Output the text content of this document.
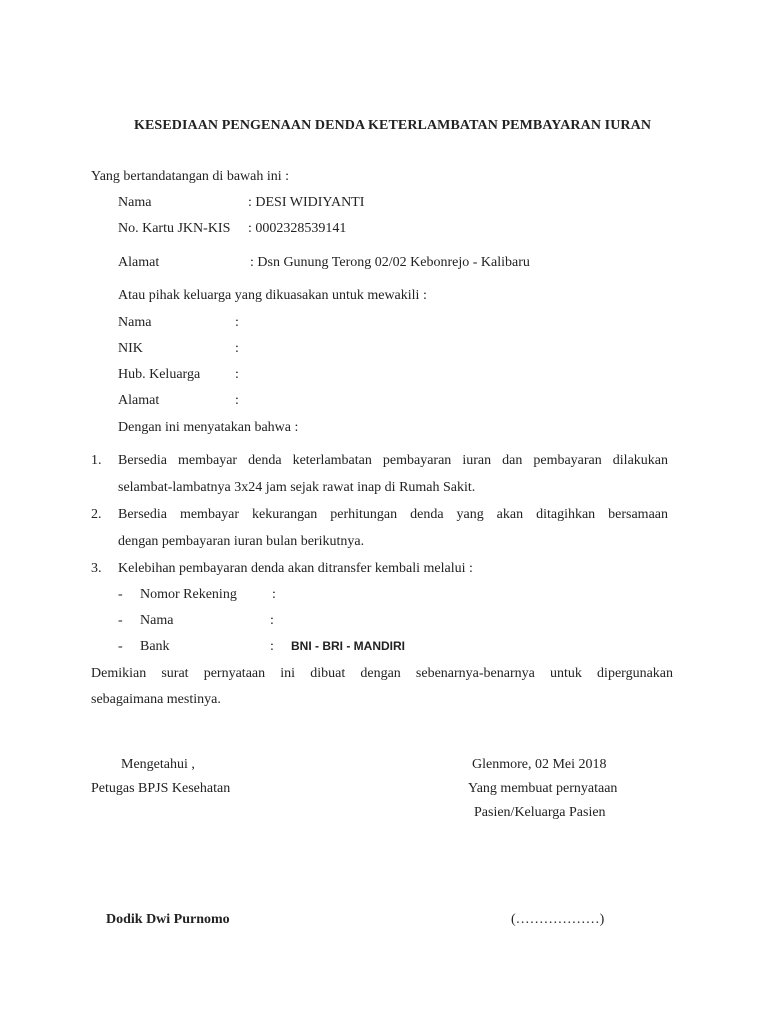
KESEDIAAN PENGENAAN DENDA KETERLAMBATAN PEMBAYARAN IURAN
Yang bertandatangan di bawah ini :
Nama	: DESI WIDIYANTI
No. Kartu JKN-KIS	: 0002328539141
Alamat	: Dsn Gunung Terong 02/02 Kebonrejo - Kalibaru
Atau pihak keluarga yang dikuasakan untuk mewakili :
Nama	:
NIK	:
Hub. Keluarga :
Alamat	:
Dengan ini menyatakan bahwa :
1. Bersedia membayar denda keterlambatan pembayaran iuran dan pembayaran dilakukan
selambat-lambatnya 3x24 jam sejak rawat inap di Rumah Sakit.
2. Bersedia membayar kekurangan perhitungan denda yang akan ditagihkan bersamaan
dengan pembayaran iuran bulan berikutnya.
3. Kelebihan pembayaran denda akan ditransfer kembali melalui :
- Nomor Rekening	:
- Nama	:
- Bank	: BNI - BRI - MANDIRI
Demikian surat pernyataan ini dibuat dengan sebenarnya-benarnya untuk dipergunakan
sebagaimana mestinya.
Mengetahui ,
Petugas BPJS Kesehatan
Dodik Dwi Purnomo
Glenmore, 02 Mei 2018
Yang membuat pernyataan
Pasien/Keluarga Pasien
(………………)
